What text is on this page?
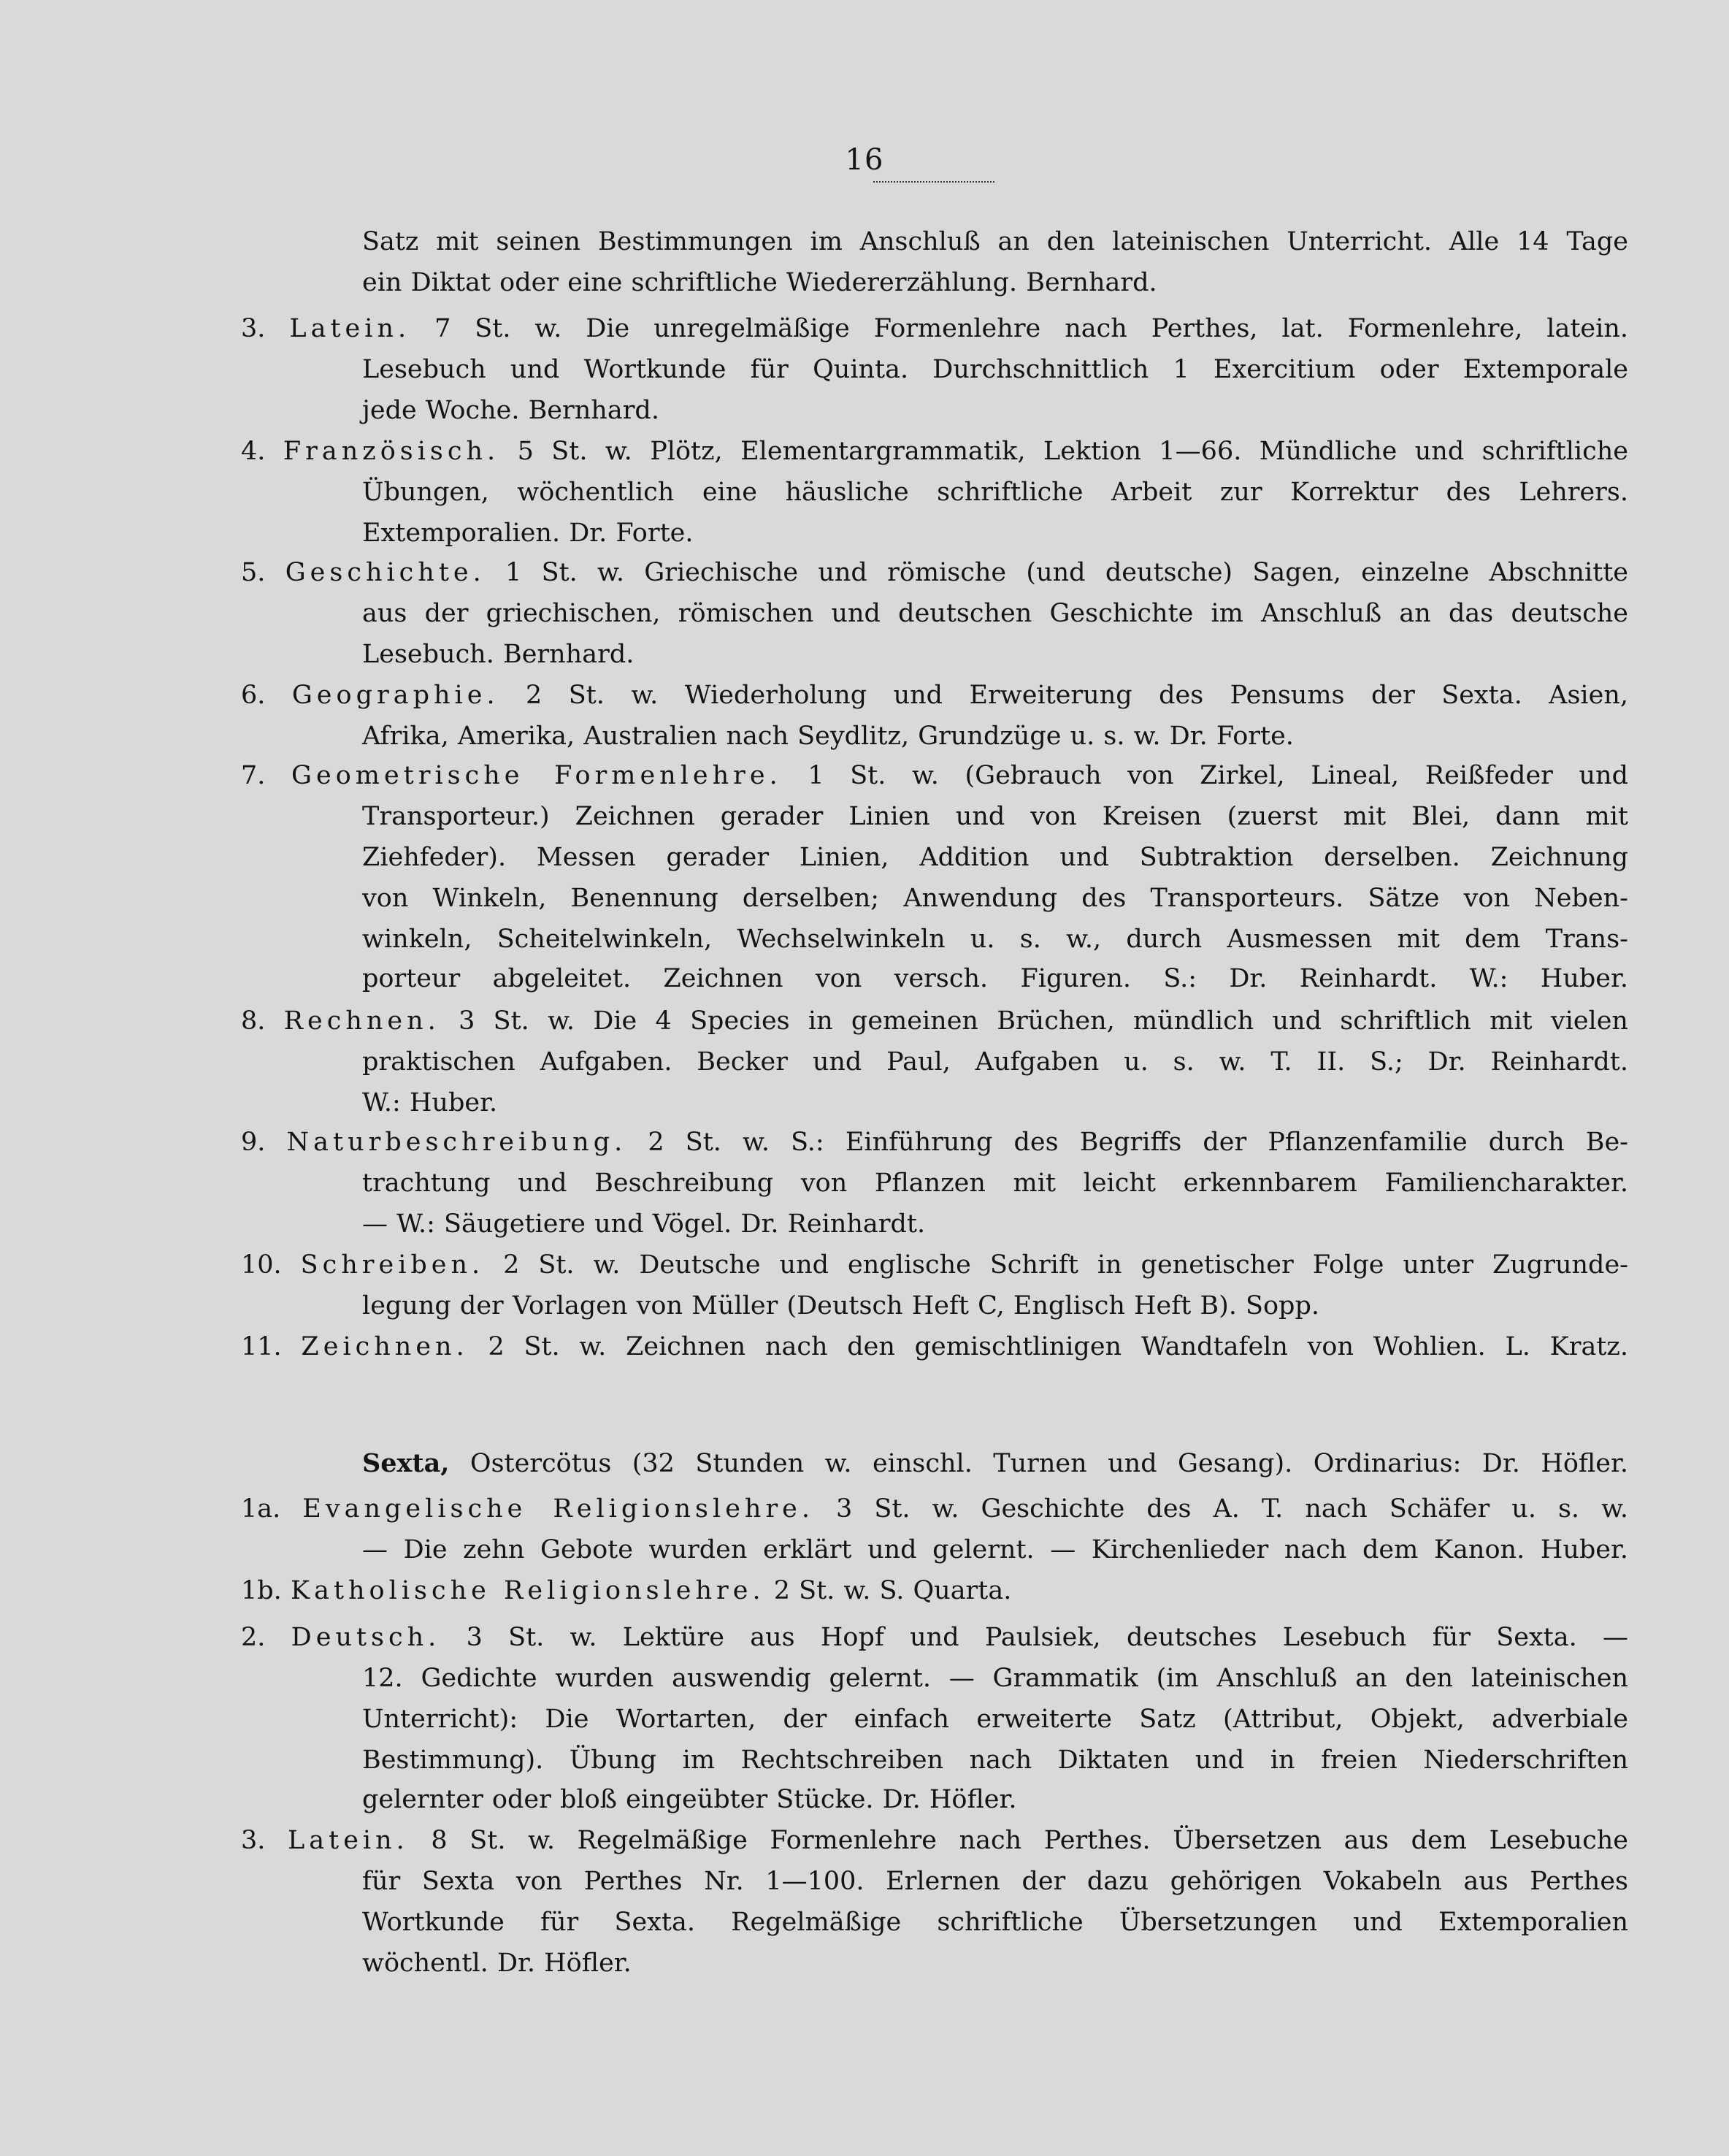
16
Satz mit seinen Bestimmungen im Anschluß an den lateinischen Unterricht. Alle 14 Tage
ein Diktat oder eine schriftliche Wiedererzählung. Bernhard.
3. Latein. 7 St. w. Die unregelmäßige Formenlehre nach Perthes, lat. Formenlehre, latein.
Lesebuch und Wortkunde für Quinta. Durchschnittlich 1 Exercitium oder Extemporale
jede Woche. Bernhard.
4. Französisch. 5 St. w. Plötz, Elementargrammatik, Lektion 1—66. Mündliche und schriftliche
Übungen, wöchentlich eine häusliche schriftliche Arbeit zur Korrektur des Lehrers.
Extemporalien. Dr. Forte.
5. Geschichte. 1 St. w. Griechische und römische (und deutsche) Sagen, einzelne Abschnitte
aus der griechischen, römischen und deutschen Geschichte im Anschluß an das deutsche
Lesebuch. Bernhard.
6. Geographie. 2 St. w. Wiederholung und Erweiterung des Pensums der Sexta. Asien,
Afrika, Amerika, Australien nach Seydlitz, Grundzüge u. s. w. Dr. Forte.
7. Geometrische Formenlehre. 1 St. w. (Gebrauch von Zirkel, Lineal, Reißfeder und
Transporteur.) Zeichnen gerader Linien und von Kreisen (zuerst mit Blei, dann mit
Ziehfeder). Messen gerader Linien, Addition und Subtraktion derselben. Zeichnung
von Winkeln, Benennung derselben; Anwendung des Transporteurs. Sätze von Neben-
winkeln, Scheitelwinkeln, Wechselwinkeln u. s. w., durch Ausmessen mit dem Trans-
porteur abgeleitet. Zeichnen von versch. Figuren. S.: Dr. Reinhardt. W.: Huber.
8. Rechnen. 3 St. w. Die 4 Species in gemeinen Brüchen, mündlich und schriftlich mit vielen
praktischen Aufgaben. Becker und Paul, Aufgaben u. s. w. T. II. S.; Dr. Reinhardt.
W.: Huber.
9. Naturbeschreibung. 2 St. w. S.: Einführung des Begriffs der Pflanzenfamilie durch Be-
trachtung und Beschreibung von Pflanzen mit leicht erkennbarem Familiencharakter.
— W.: Säugetiere und Vögel. Dr. Reinhardt.
10. Schreiben. 2 St. w. Deutsche und englische Schrift in genetischer Folge unter Zugrunde-
legung der Vorlagen von Müller (Deutsch Heft C, Englisch Heft B). Sopp.
11. Zeichnen. 2 St. w. Zeichnen nach den gemischtlinigen Wandtafeln von Wohlien. L. Kratz.
Sexta, Ostercötus (32 Stunden w. einschl. Turnen und Gesang). Ordinarius: Dr. Höfler.
1a. Evangelische Religionslehre. 3 St. w. Geschichte des A. T. nach Schäfer u. s. w.
— Die zehn Gebote wurden erklärt und gelernt. — Kirchenlieder nach dem Kanon. Huber.
1b. Katholische Religionslehre. 2 St. w. S. Quarta.
2. Deutsch. 3 St. w. Lektüre aus Hopf und Paulsiek, deutsches Lesebuch für Sexta. —
12. Gedichte wurden auswendig gelernt. — Grammatik (im Anschluß an den lateinischen
Unterricht): Die Wortarten, der einfach erweiterte Satz (Attribut, Objekt, adverbiale
Bestimmung). Übung im Rechtschreiben nach Diktaten und in freien Niederschriften
gelernter oder bloß eingeübter Stücke. Dr. Höfler.
3. Latein. 8 St. w. Regelmäßige Formenlehre nach Perthes. Übersetzen aus dem Lesebuche
für Sexta von Perthes Nr. 1—100. Erlernen der dazu gehörigen Vokabeln aus Perthes
Wortkunde für Sexta. Regelmäßige schriftliche Übersetzungen und Extemporalien
wöchentl. Dr. Höfler.
